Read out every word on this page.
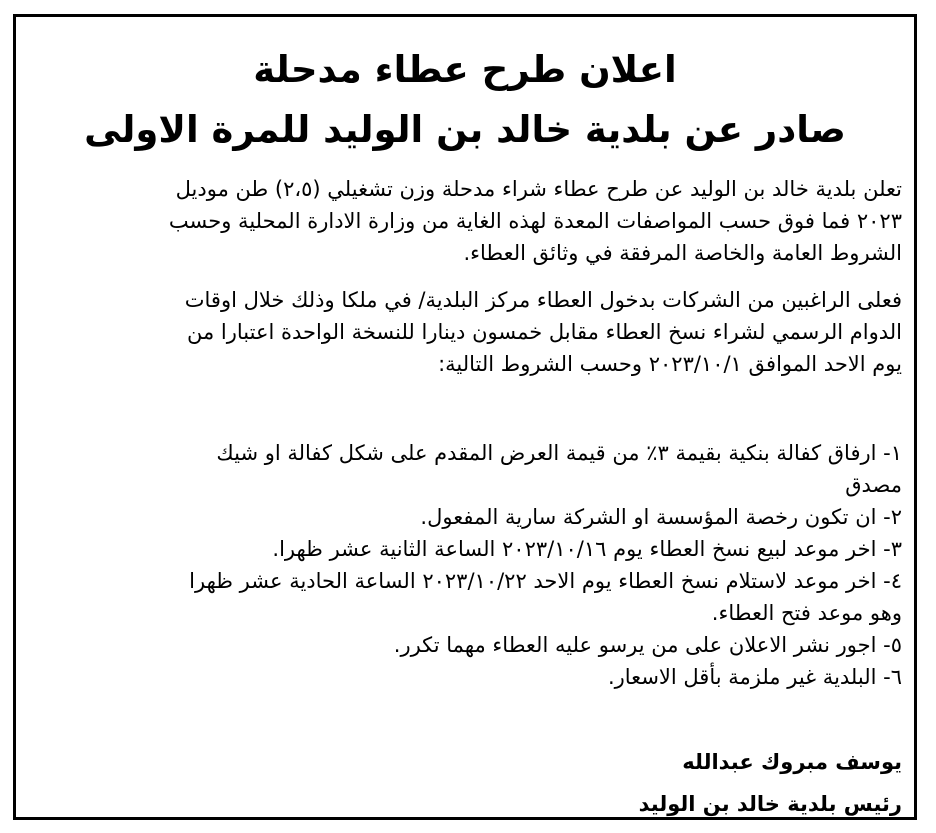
اعلان طرح عطاء مدحلة
صادر عن بلدية خالد بن الوليد للمرة الاولى

تعلن بلدية خالد بن الوليد عن طرح عطاء شراء مدحلة وزن تشغيلي (٢،٥) طن موديل
٢٠٢٣ فما فوق حسب المواصفات المعدة لهذه الغاية من وزارة الادارة المحلية وحسب
الشروط العامة والخاصة المرفقة في وثائق العطاء.

فعلى الراغبين من الشركات بدخول العطاء مركز البلدية/ في ملكا وذلك خلال اوقات
الدوام الرسمي لشراء نسخ العطاء مقابل خمسون دينارا للنسخة الواحدة اعتبارا من
يوم الاحد الموافق ٢٠٢٣/١٠/١ وحسب الشروط التالية:

١- ارفاق كفالة بنكية بقيمة ٣٪ من قيمة العرض المقدم على شكل كفالة او شيك
مصدق
٢- ان تكون رخصة المؤسسة او الشركة سارية المفعول.
٣- اخر موعد لبيع نسخ العطاء يوم ٢٠٢٣/١٠/١٦ الساعة الثانية عشر ظهرا.
٤- اخر موعد لاستلام نسخ العطاء يوم الاحد ٢٠٢٣/١٠/٢٢ الساعة الحادية عشر ظهرا
وهو موعد فتح العطاء.
٥- اجور نشر الاعلان على من يرسو عليه العطاء مهما تكرر.
٦- البلدية غير ملزمة بأقل الاسعار.

يوسف مبروك عبدالله

رئيس بلدية خالد بن الوليد
